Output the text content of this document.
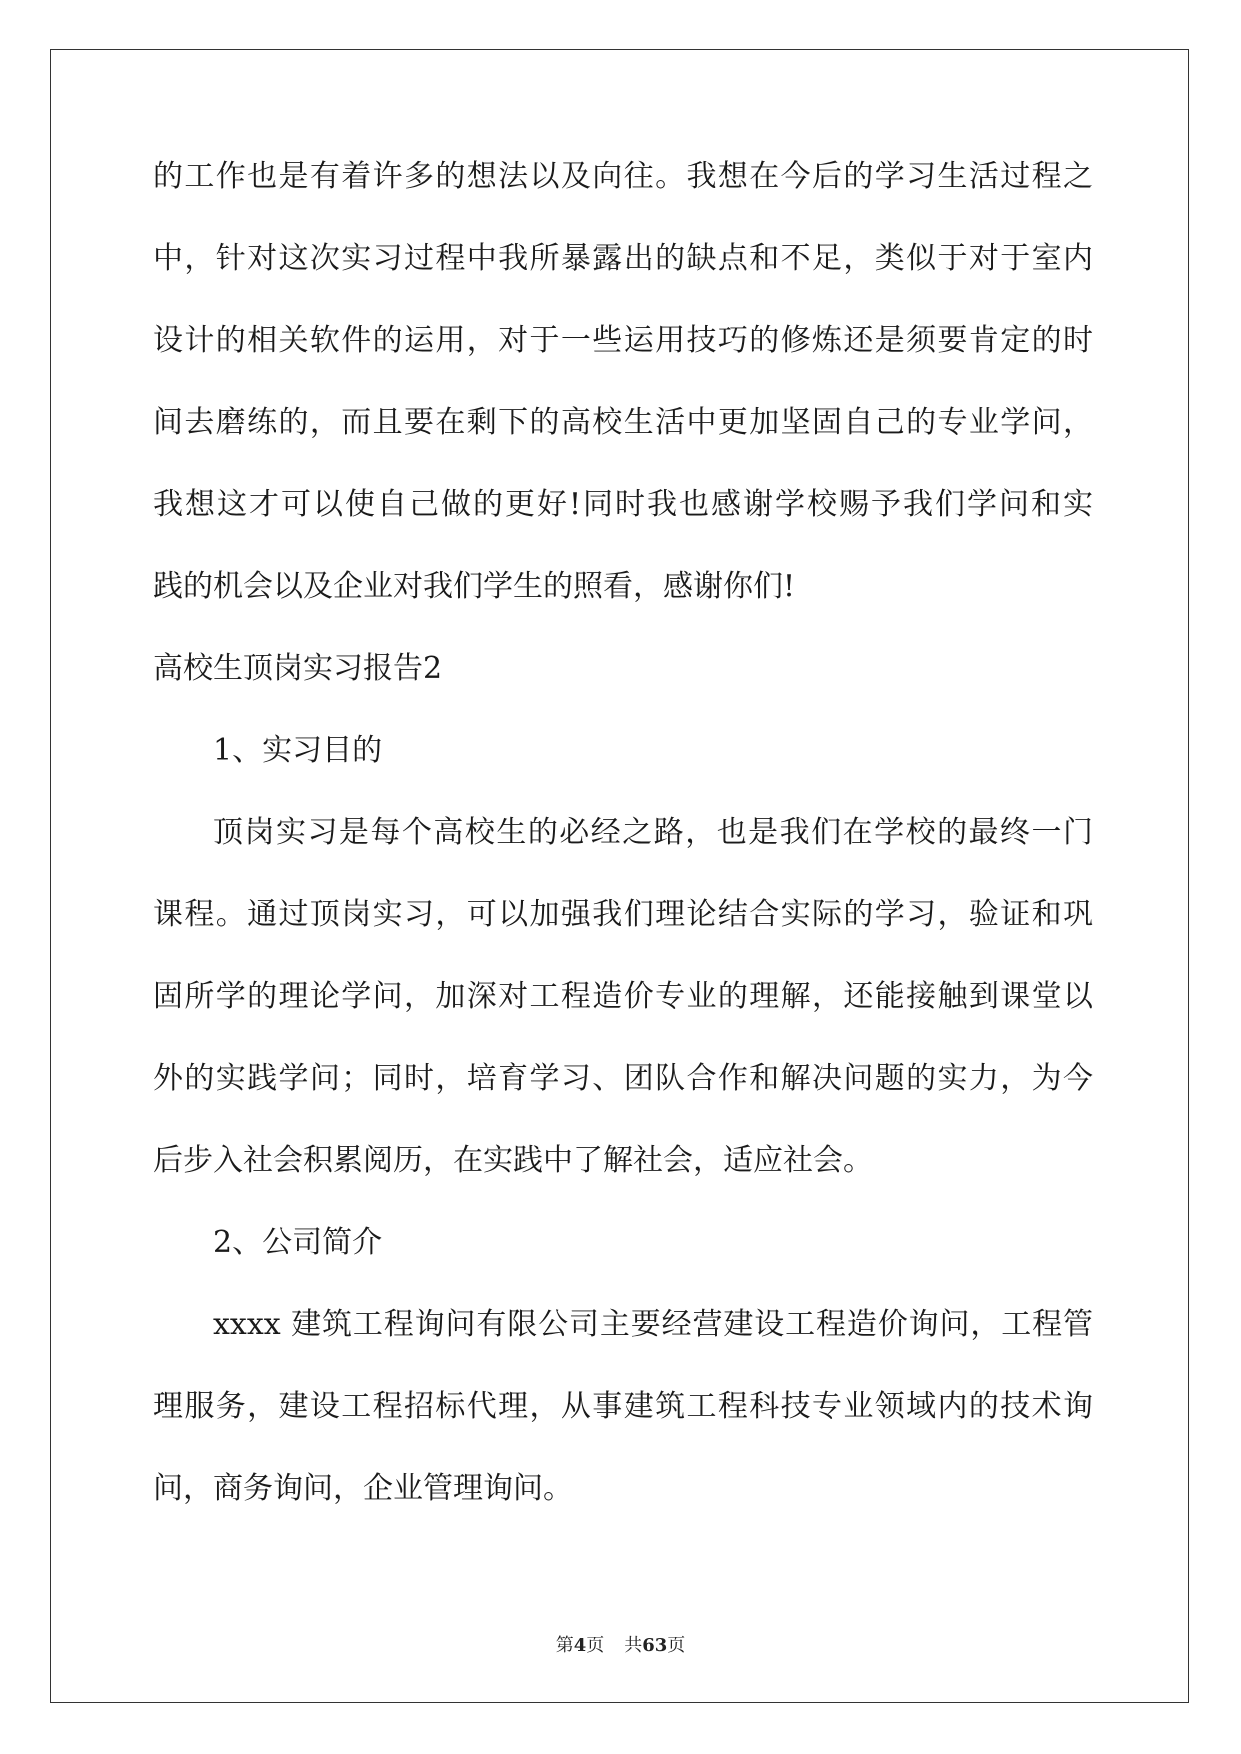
的工作也是有着许多的想法以及向往。我想在今后的学习生活过程之

中，针对这次实习过程中我所暴露出的缺点和不足，类似于对于室内

设计的相关软件的运用，对于一些运用技巧的修炼还是须要肯定的时

间去磨练的，而且要在剩下的高校生活中更加坚固自己的专业学问，

我想这才可以使自己做的更好!同时我也感谢学校赐予我们学问和实

践的机会以及企业对我们学生的照看，感谢你们!

高校生顶岗实习报告2

1、实习目的

顶岗实习是每个高校生的必经之路，也是我们在学校的最终一门

课程。通过顶岗实习，可以加强我们理论结合实际的学习，验证和巩

固所学的理论学问，加深对工程造价专业的理解，还能接触到课堂以

外的实践学问；同时，培育学习、团队合作和解决问题的实力，为今

后步入社会积累阅历，在实践中了解社会，适应社会。

2、公司简介

xxxx 建筑工程询问有限公司主要经营建设工程造价询问，工程管

理服务，建设工程招标代理，从事建筑工程科技专业领域内的技术询

问，商务询问，企业管理询问。

第4页 共63页
